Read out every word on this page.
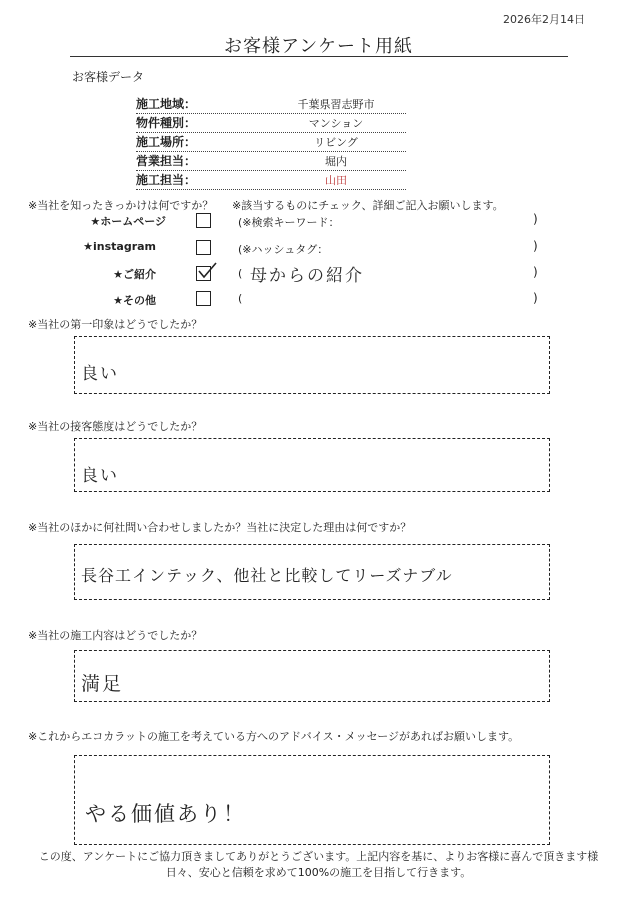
2026年2月14日
お客様アンケート用紙
お客様データ
施工地域：	千葉県習志野市
物件種別：	マンション
施工場所：	リビング
営業担当：	堀内
施工担当：	山田
※当社を知ったきっかけは何ですか？ ※該当するものにチェック、詳細ご記入お願いします。
★ホームページ	(※検索キーワード：	)
★instagram	(※ハッシュタグ：	)
★ご紹介	( 母からの紹介	)
★その他	(	)
※当社の第一印象はどうでしたか？
良い
※当社の接客態度はどうでしたか？
良い
※当社のほかに何社問い合わせしましたか？当社に決定した理由は何ですか？
長谷工インテック、他社と比較してリーズナブル
※当社の施工内容はどうでしたか？
満足
※これからエコカラットの施工を考えている方へのアドバイス・メッセージがあればお願いします。
やる価値あり！
この度、アンケートにご協力頂きましてありがとうございます。上記内容を基に、よりお客様に喜んで頂きます様
日々、安心と信頼を求めて100%の施工を目指して行きます。
